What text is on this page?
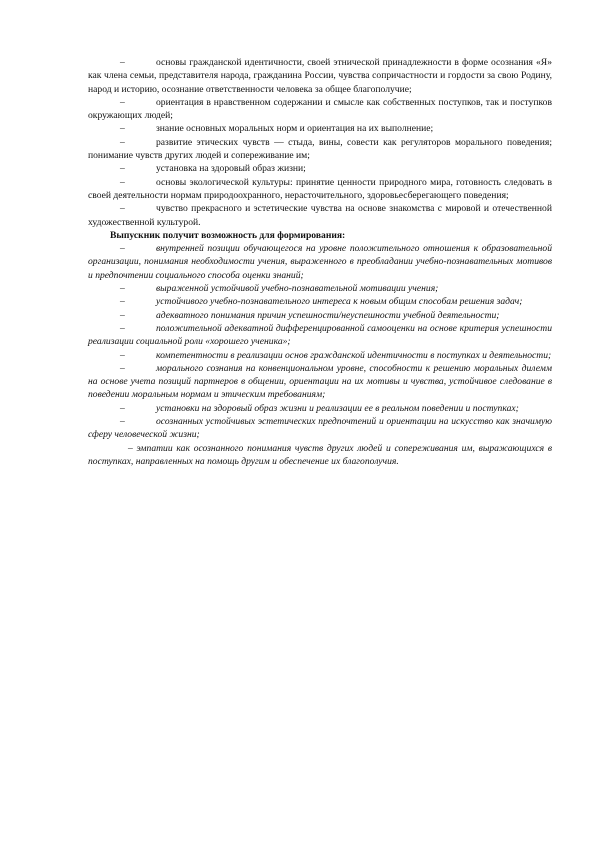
–	основы гражданской идентичности, своей этнической принадлежности в форме осознания «Я» как члена семьи, представителя народа, гражданина России, чувства сопричастности и гордости за свою Родину, народ и историю, осознание ответственности человека за общее благополучие;

–	ориентация в нравственном содержании и смысле как собственных поступков, так и поступков окружающих людей;

–	знание основных моральных норм и ориентация на их выполнение;

–	развитие этических чувств — стыда, вины, совести как регуляторов морального поведения; понимание чувств других людей и сопереживание им;

–	установка на здоровый образ жизни;

–	основы экологической культуры: принятие ценности природного мира, готовность следовать в своей деятельности нормам природоохранного, нерасточительного, здоровьесберегающего поведения;

–	чувство прекрасного и эстетические чувства на основе знакомства с мировой и отечественной художественной культурой.

Выпускник получит возможность для формирования:

–	внутренней позиции обучающегося на уровне положительного отношения к образовательной организации, понимания необходимости учения, выраженного в преобладании учебно-познавательных мотивов и предпочтении социального способа оценки знаний;

–	выраженной устойчивой учебно-познавательной мотивации учения;

–	устойчивого учебно-познавательного интереса к новым общим способам решения задач;

–	адекватного понимания причин успешности/неуспешности учебной деятельности;

–	положительной адекватной дифференцированной самооценки на основе критерия успешности реализации социальной роли «хорошего ученика»;

–	компетентности в реализации основ гражданской идентичности в поступках и деятельности;

–	морального сознания на конвенциональном уровне, способности к решению моральных дилемм на основе учета позиций партнеров в общении, ориентации на их мотивы и чувства, устойчивое следование в поведении моральным нормам и этическим требованиям;

–	установки на здоровый образ жизни и реализации ее в реальном поведении и поступках;

–	осознанных устойчивых эстетических предпочтений и ориентации на искусство как значимую сферу человеческой жизни;

– эмпатии как осознанного понимания чувств других людей и сопереживания им, выражающихся в поступках, направленных на помощь другим и обеспечение их благополучия.
